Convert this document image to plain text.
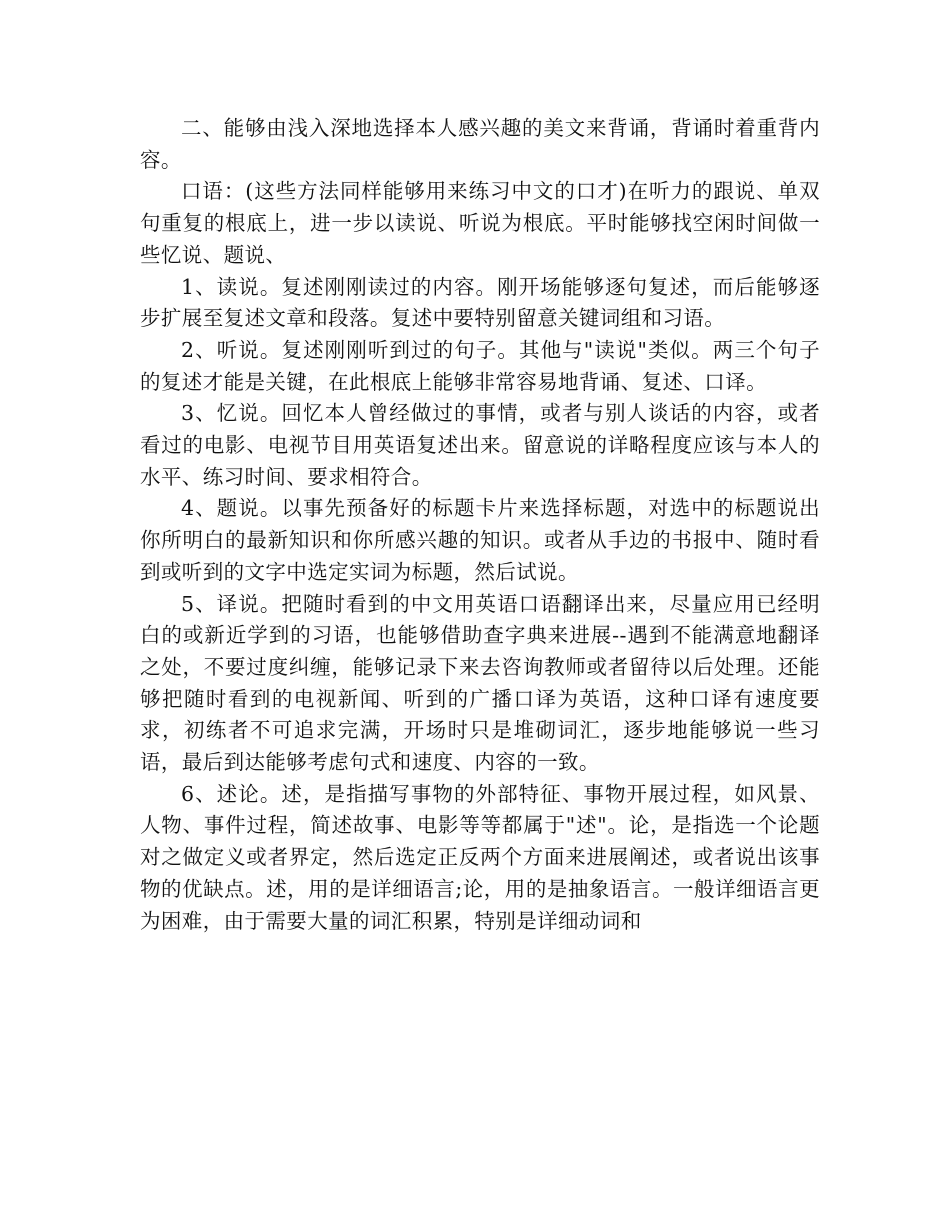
二、能够由浅入深地选择本人感兴趣的美文来背诵，背诵时着重背内容。

口语：(这些方法同样能够用来练习中文的口才)在听力的跟说、单双句重复的根底上，进一步以读说、听说为根底。平时能够找空闲时间做一些忆说、题说、

1、读说。复述刚刚读过的内容。刚开场能够逐句复述，而后能够逐步扩展至复述文章和段落。复述中要特别留意关键词组和习语。

2、听说。复述刚刚听到过的句子。其他与"读说"类似。两三个句子的复述才能是关键，在此根底上能够非常容易地背诵、复述、口译。

3、忆说。回忆本人曾经做过的事情，或者与别人谈话的内容，或者看过的电影、电视节目用英语复述出来。留意说的详略程度应该与本人的水平、练习时间、要求相符合。

4、题说。以事先预备好的标题卡片来选择标题，对选中的标题说出你所明白的最新知识和你所感兴趣的知识。或者从手边的书报中、随时看到或听到的文字中选定实词为标题，然后试说。

5、译说。把随时看到的中文用英语口语翻译出来，尽量应用已经明白的或新近学到的习语，也能够借助查字典来进展--遇到不能满意地翻译之处，不要过度纠缠，能够记录下来去咨询教师或者留待以后处理。还能够把随时看到的电视新闻、听到的广播口译为英语，这种口译有速度要求，初练者不可追求完满，开场时只是堆砌词汇，逐步地能够说一些习语，最后到达能够考虑句式和速度、内容的一致。

6、述论。述，是指描写事物的外部特征、事物开展过程，如风景、人物、事件过程，简述故事、电影等等都属于"述"。论，是指选一个论题对之做定义或者界定，然后选定正反两个方面来进展阐述，或者说出该事物的优缺点。述，用的是详细语言;论，用的是抽象语言。一般详细语言更为困难，由于需要大量的词汇积累，特别是详细动词和
